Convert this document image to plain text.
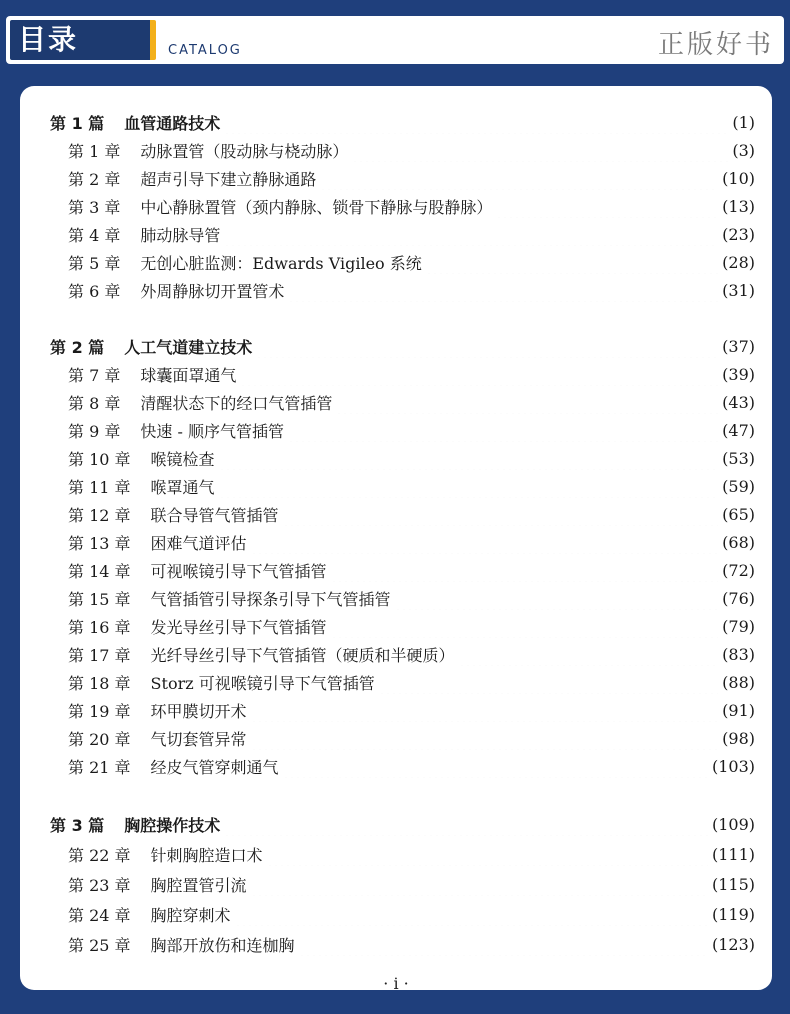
目录	CATALOG	正版好书
第 1 篇 血管通路技术	(1)
第 1 章 动脉置管（股动脉与桡动脉）	(3)
第 2 章 超声引导下建立静脉通路	(10)
第 3 章 中心静脉置管（颈内静脉、锁骨下静脉与股静脉）	(13)
第 4 章 肺动脉导管	(23)
第 5 章 无创心脏监测：Edwards Vigileo 系统	(28)
第 6 章 外周静脉切开置管术	(31)
第 2 篇 人工气道建立技术	(37)
第 7 章 球囊面罩通气	(39)
第 8 章 清醒状态下的经口气管插管	(43)
第 9 章 快速 - 顺序气管插管	(47)
第 10 章 喉镜检查	(53)
第 11 章 喉罩通气	(59)
第 12 章 联合导管气管插管	(65)
第 13 章 困难气道评估	(68)
第 14 章 可视喉镜引导下气管插管	(72)
第 15 章 气管插管引导探条引导下气管插管	(76)
第 16 章 发光导丝引导下气管插管	(79)
第 17 章 光纤导丝引导下气管插管（硬质和半硬质）	(83)
第 18 章 Storz 可视喉镜引导下气管插管	(88)
第 19 章 环甲膜切开术	(91)
第 20 章 气切套管异常	(98)
第 21 章 经皮气管穿刺通气	(103)
第 3 篇 胸腔操作技术	(109)
第 22 章 针刺胸腔造口术	(111)
第 23 章 胸腔置管引流	(115)
第 24 章 胸腔穿刺术	(119)
第 25 章 胸部开放伤和连枷胸	(123)
· i ·
